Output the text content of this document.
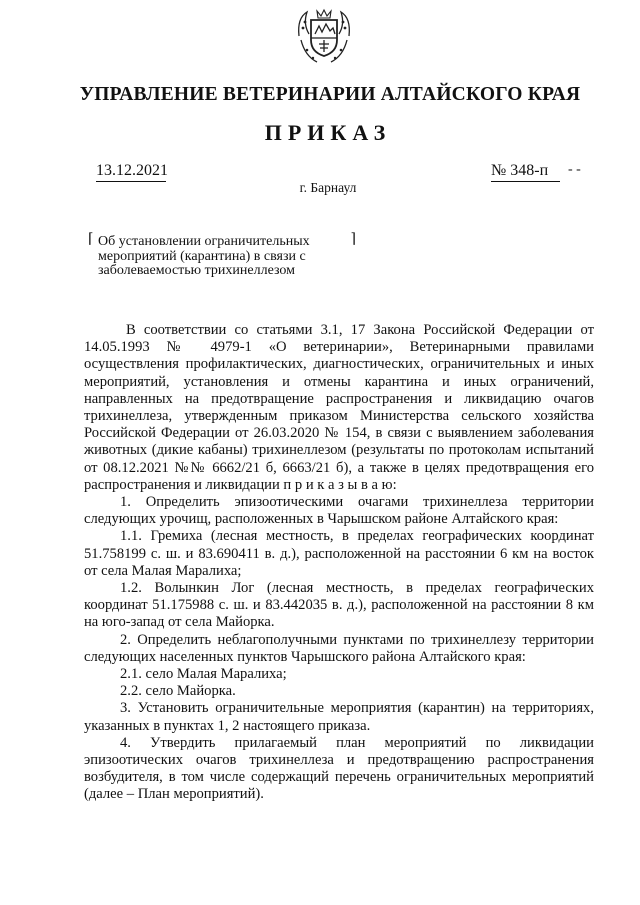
УПРАВЛЕНИЕ ВЕТЕРИНАРИИ АЛТАЙСКОГО КРАЯ
ПРИКАЗ
13.12.2021	№ 348-п	- -
г. Барнаул
⌈ Об установлении ограничительных мероприятий (карантина) в связи с заболеваемостью трихинеллезом
⌉

В соответствии со статьями 3.1, 17 Закона Российской Федерации от 14.05.1993 № 4979-1 «О ветеринарии», Ветеринарными правилами осуществления профилактических, диагностических, ограничительных и иных мероприятий, установления и отмены карантина и иных ограничений, направленных на предотвращение распространения и ликвидацию очагов трихинеллеза, утвержденным приказом Министерства сельского хозяйства Российской Федерации от 26.03.2020 № 154, в связи с выявлением заболевания животных (дикие кабаны) трихинеллезом (результаты по протоколам испытаний от 08.12.2021 №№ 6662/21 б, 6663/21 б), а также в целях предотвращения его распространения и ликвидации п р и к а з ы в а ю:

1. Определить эпизоотическими очагами трихинеллеза территории следующих урочищ, расположенных в Чарышском районе Алтайского края:

1.1. Гремиха (лесная местность, в пределах географических координат 51.758199 с. ш. и 83.690411 в. д.), расположенной на расстоянии 6 км на восток от села Малая Маралиха;

1.2. Волынкин Лог (лесная местность, в пределах географических координат 51.175988 с. ш. и 83.442035 в. д.), расположенной на расстоянии 8 км на юго-запад от села Майорка.

2. Определить неблагополучными пунктами по трихинеллезу территории следующих населенных пунктов Чарышского района Алтайского края:

2.1. село Малая Маралиха;

2.2. село Майорка.

3. Установить ограничительные мероприятия (карантин) на территориях, указанных в пунктах 1, 2 настоящего приказа.

4. Утвердить прилагаемый план мероприятий по ликвидации эпизоотических очагов трихинеллеза и предотвращению распространения возбудителя, в том числе содержащий перечень ограничительных мероприятий (далее – План мероприятий).
